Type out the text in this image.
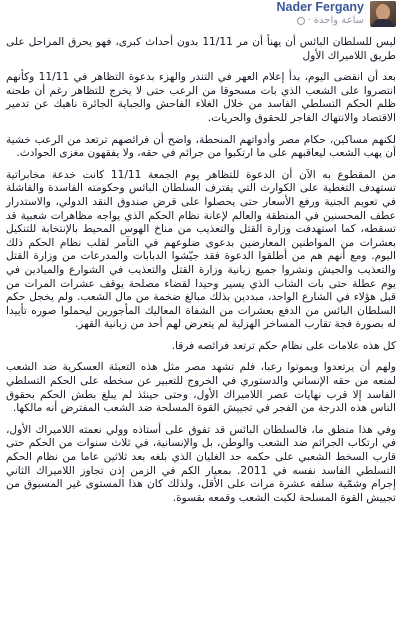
Nader Fergany
ساعة واحدة
·

ليس للسلطان البائس أن يهنأ أن مر 11/11 بدون أحداث كبرى، فهو يحرق المراحل على طريق اللاميراك الأول

بعد أن انقضى اليوم، بدأ إعلام العهر في التندر والهزء بدعوة التظاهر في 11/11 وكأنهم انتصروا على الشعب الذي بات مسحوقا من الرعب حتى لا يخرج للتظاهر رغم أن طحنه ظلم الحكم التسلطي الفاسد من خلال الغلاء الفاحش والجباية الجائرة ناهيك عن تدمير الاقتصاد والانتهاك الفاجر للحقوق والحريات.

لكنهم مساكين، حكام مصر وأدواتهم المنحطة، واضح أن فرائصهم ترتعد من الرعب خشية أن يهب الشعب ليعاقبهم على ما ارتكبوا من جرائم في حقه، ولا يفقهون مغزى الحوادث.

من المقطوع به الآن أن الدعوة للتظاهر يوم الجمعة 11/11 كانت خدعة مخابراتية تستهدف التغطية على الكوارث التي يقترف السلطان البائس وحكومته الفاسدة والفاشلة في تعويم الجنية ورفع الأسعار حتى يحصلوا على قرض صندوق النقد الدولي، والاستدرار عطف المحسنين في المنطقة والعالم لإعانة نظام الحكم الذي يواجه مظاهرات شعبية قد تسقطه، كما استهدفت وزارة القتل والتعذيب من مناخ الهوس المحيط بالإنتخابة للتنكيل بعشرات من المواطنين المعارضين بدعوى ضلوعهم في التآمر لقلب نظام الحكم ذلك اليوم. ومع أنهم هم من أطلقوا الدعوة فقد جيّشوا الدبابات والمدرعات من وزارة القتل والتعذيب والجيش ونشروا جميع زبانية وزارة القتل والتعذيب في الشوارع والميادين في يوم عطلة حتى بات الشاب الذي يسير وحيدا لقضاء مصلحة يوقف عشرات المرات من قبل هؤلاء في الشارع الواحد، مبددين بذلك مبالغ ضخمة من مال الشعب. ولم يخجل حكم السلطان البائس من الدفع بعشرات من الشفاة المعاليك المأجورين ليحملوا صوره تأييدا له بصورة فجة تقارب المساخر الهزلية لم يتعرض لهم أحد من زبانية القهر.

كل هذه علامات على نظام حكم ترتعد فرائصه فرقا.

ولهم أن يرتعدوا ويموتوا رعبا، فلم تشهد مصر مثل هذه التعبئة العسكرية ضد الشعب لمنعه من حقه الإنساني والدستوري في الخروج للتعبير عن سخطه على الحكم التسلطي الفاسد إلا قرب نهايات عصر اللاميراك الأول، وحتى حينئذ لم يبلغ بطش الحكم بحقوق الناس هذه الدرجة من الفجر في تجييش القوة المسلحة ضد الشعب المفترض أنه مالكها.

وفي هذا منطق ما، فالسلطان البائس قد تفوق على أستاذه وولي نعمته اللاميراك الأول، في ارتكاب الجرائم ضد الشعب والوطن، بل والإنسانية، في ثلاث سنوات من الحكم حتى قارب السخط الشعبي على حكمه حد الغليان الذي بلغه بعد ثلاثين عاما من نظام الحكم التسلطي الفاسد نفسه في 2011. بمعيار الكم في الزمن إذن تجاوز اللاميراك الثاني إجرام وشمّية سلفه عشرة مرات على الأقل، ولذلك كان هذا المستوى غير المسبوق من تجييش القوة المسلحة لكبت الشعب وقمعه بقسوة.
